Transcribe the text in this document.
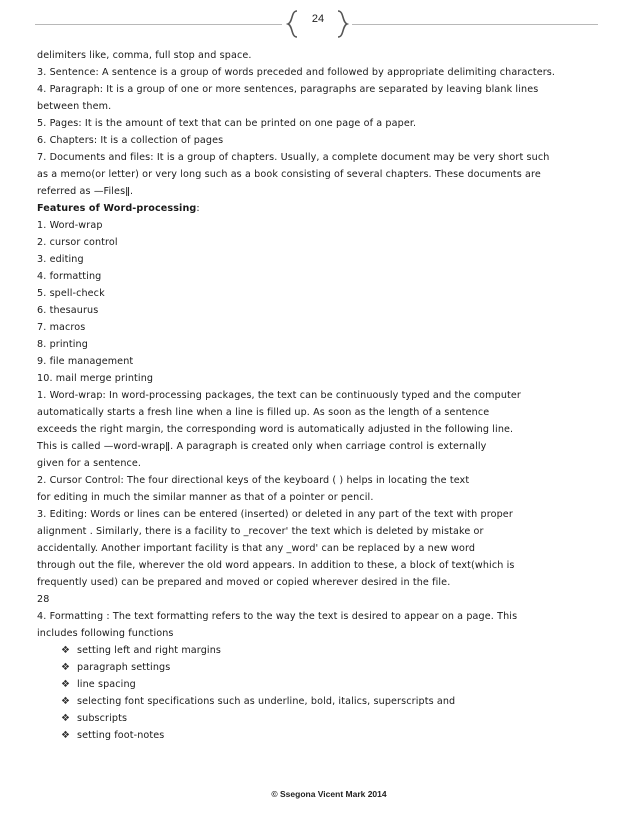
24
delimiters like, comma, full stop and space.
3. Sentence: A sentence is a group of words preceded and followed by appropriate delimiting characters.
4. Paragraph: It is a group of one or more sentences, paragraphs are separated by leaving blank lines
between them.
5. Pages: It is the amount of text that can be printed on one page of a paper.
6. Chapters: It is a collection of pages
7. Documents and files: It is a group of chapters. Usually, a complete document may be very short such
as a memo(or letter) or very long such as a book consisting of several chapters. These documents are
referred as —Filesǁ.
Features of Word-processing:
1. Word-wrap
2. cursor control
3. editing
4. formatting
5. spell-check
6. thesaurus
7. macros
8. printing
9. file management
10. mail merge printing
1. Word-wrap: In word-processing packages, the text can be continuously typed and the computer
automatically starts a fresh line when a line is filled up. As soon as the length of a sentence
exceeds the right margin, the corresponding word is automatically adjusted in the following line.
This is called —word-wrapǁ. A paragraph is created only when carriage control is externally
given for a sentence.
2. Cursor Control: The four directional keys of the keyboard ( ) helps in locating the text
for editing in much the similar manner as that of a pointer or pencil.
3. Editing: Words or lines can be entered (inserted) or deleted in any part of the text with proper
alignment . Similarly, there is a facility to _recover' the text which is deleted by mistake or
accidentally. Another important facility is that any _word' can be replaced by a new word
through out the file, wherever the old word appears. In addition to these, a block of text(which is
frequently used) can be prepared and moved or copied wherever desired in the file.
28
4. Formatting : The text formatting refers to the way the text is desired to appear on a page. This
includes following functions
❖ setting left and right margins
❖ paragraph settings
❖ line spacing
❖ selecting font specifications such as underline, bold, italics, superscripts and
❖ subscripts
❖ setting foot-notes
© Ssegona Vicent Mark 2014
